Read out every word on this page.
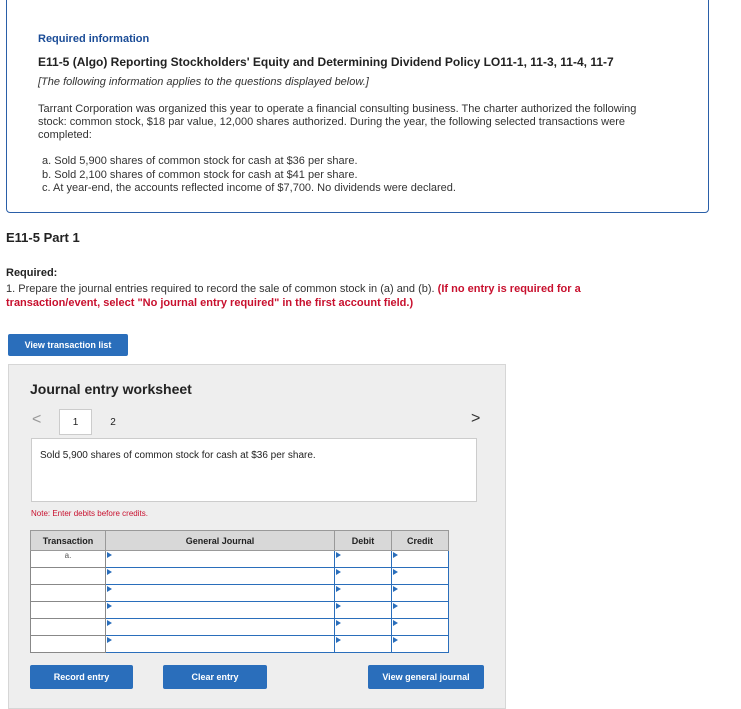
Required information
E11-5 (Algo) Reporting Stockholders' Equity and Determining Dividend Policy LO11-1, 11-3, 11-4, 11-7
[The following information applies to the questions displayed below.]
Tarrant Corporation was organized this year to operate a financial consulting business. The charter authorized the following stock: common stock, $18 par value, 12,000 shares authorized. During the year, the following selected transactions were completed:
a. Sold 5,900 shares of common stock for cash at $36 per share.
b. Sold 2,100 shares of common stock for cash at $41 per share.
c. At year-end, the accounts reflected income of $7,700. No dividends were declared.
E11-5 Part 1
Required:
1. Prepare the journal entries required to record the sale of common stock in (a) and (b). (If no entry is required for a transaction/event, select "No journal entry required" in the first account field.)
View transaction list
Journal entry worksheet
<	1	2	>
Sold 5,900 shares of common stock for cash at $36 per share.
Note: Enter debits before credits.
Transaction	General Journal	Debit	Credit
a.	

Record entry	Clear entry	View general journal
